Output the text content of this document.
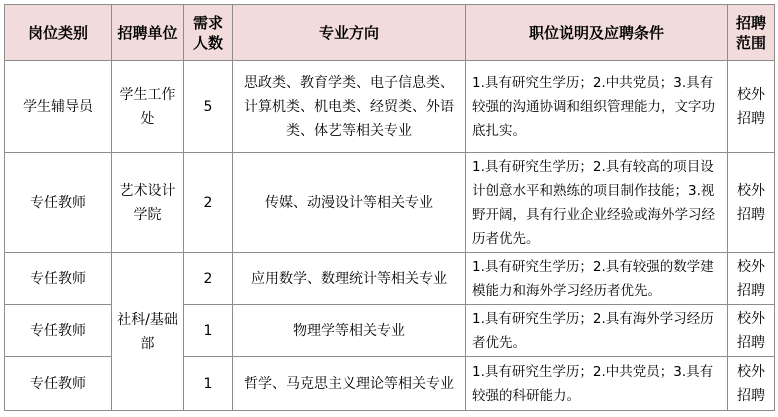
岗位类别	招聘单位	需求人数	专业方向	职位说明及应聘条件	招聘范围
学生辅导员	学生工作处	5	思政类、教育学类、电子信息类、计算机类、机电类、经贸类、外语类、体艺等相关专业	1.具有研究生学历；2.中共党员；3.具有较强的沟通协调和组织管理能力，文字功底扎实。	校外招聘
专任教师	艺术设计学院	2	传媒、动漫设计等相关专业	1.具有研究生学历；2.具有较高的项目设计创意水平和熟练的项目制作技能；3.视野开阔，具有行业企业经验或海外学习经历者优先。	校外招聘
专任教师	社科/基础部	2	应用数学、数理统计等相关专业	1.具有研究生学历；2.具有较强的数学建模能力和海外学习经历者优先。	校外招聘
专任教师		1	物理学等相关专业	1.具有研究生学历；2.具有海外学习经历者优先。	校外招聘
专任教师		1	哲学、马克思主义理论等相关专业	1.具有研究生学历；2.中共党员；3.具有较强的科研能力。	校外招聘
